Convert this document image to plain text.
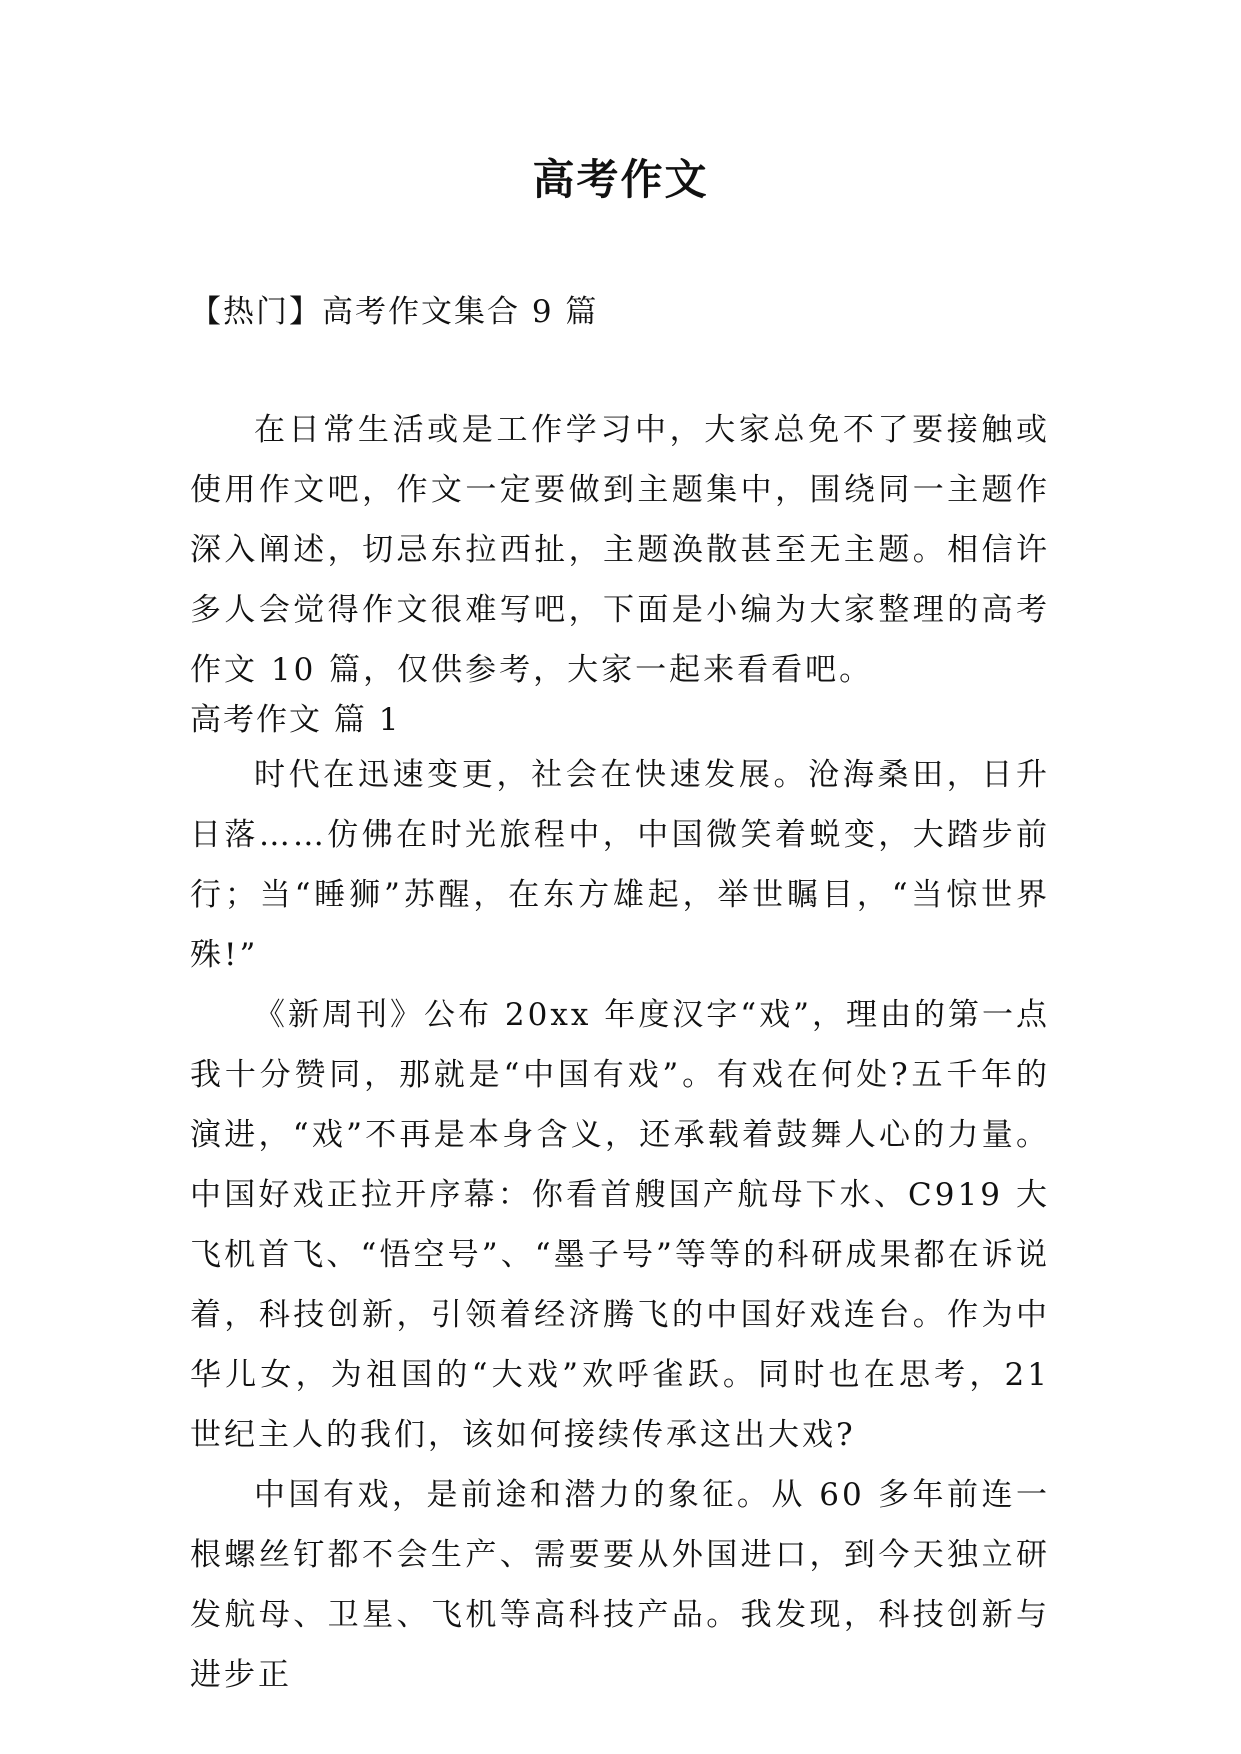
高考作文
【热门】高考作文集合 9 篇

在日常生活或是工作学习中，大家总免不了要接触或使用作文吧，作文一定要做到主题集中，围绕同一主题作深入阐述，切忌东拉西扯，主题涣散甚至无主题。相信许多人会觉得作文很难写吧，下面是小编为大家整理的高考作文 10 篇，仅供参考，大家一起来看看吧。

高考作文 篇 1

时代在迅速变更，社会在快速发展。沧海桑田，日升日落……仿佛在时光旅程中，中国微笑着蜕变，大踏步前行；当“睡狮”苏醒，在东方雄起，举世瞩目，“当惊世界殊!”

《新周刊》公布 20xx 年度汉字“戏”，理由的第一点我十分赞同，那就是“中国有戏”。有戏在何处?五千年的演进，“戏”不再是本身含义，还承载着鼓舞人心的力量。中国好戏正拉开序幕：你看首艘国产航母下水、C919 大飞机首飞、“悟空号”、“墨子号”等等的科研成果都在诉说着，科技创新，引领着经济腾飞的中国好戏连台。作为中华儿女，为祖国的“大戏”欢呼雀跃。同时也在思考，21 世纪主人的我们，该如何接续传承这出大戏?

中国有戏，是前途和潜力的象征。从 60 多年前连一根螺丝钉都不会生产、需要要从外国进口，到今天独立研发航母、卫星、飞机等高科技产品。我发现，科技创新与进步正
